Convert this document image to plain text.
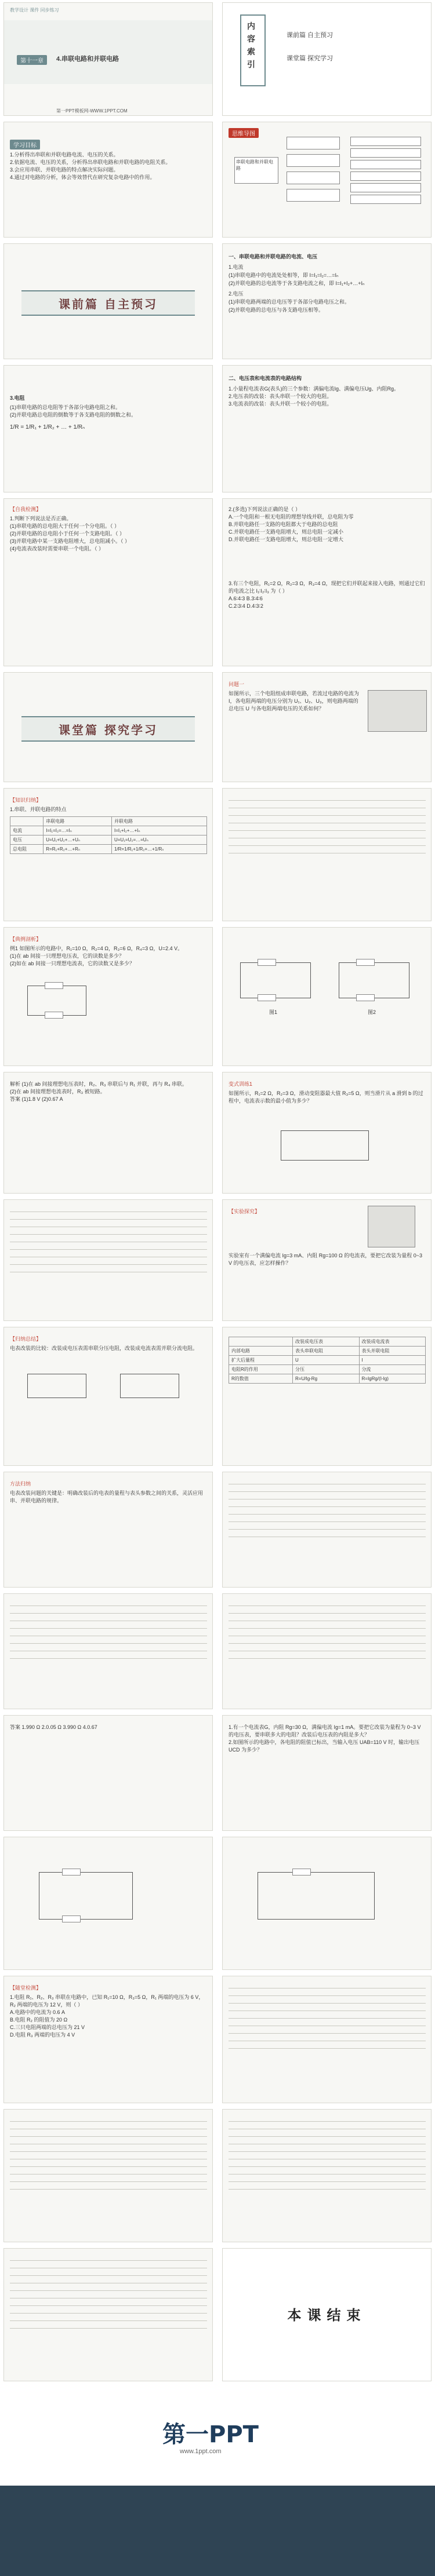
教学设计 课件 同步练习
第十一章	4.串联电路和并联电路
第一PPT模板网-WWW.1PPT.COM
内容索引
课前篇 自主预习
课堂篇 探究学习
学习目标
1.分析得出串联和并联电路电流、电压的关系。
2.依据电流、电压的关系，分析得出串联电路和并联电路的电阻关系。
3.会应用串联、并联电路的特点解决实际问题。
4.通过对电路的分析，体会等效替代在研究复杂电路中的作用。
思维导图
串联电路和并联电路
课前篇 自主预习
一、串联电路和并联电路的电流、电压
1.电流
(1)串联电路中的电流处处相等，即 I=I₁=I₂=…=Iₙ
(2)并联电路的总电流等于各支路电流之和，即 I=I₁+I₂+…+Iₙ
2.电压
(1)串联电路两端的总电压等于各部分电路电压之和。
(2)并联电路的总电压与各支路电压相等。
3.电阻
(1)串联电路的总电阻等于各部分电路电阻之和。
(2)并联电路总电阻的倒数等于各支路电阻的倒数之和。
1/R = 1/R₁ + 1/R₂ + … + 1/Rₙ
二、电压表和电流表的电路结构
1.小量程电流表G(表头)的三个参数：满偏电流Ig、满偏电压Ug、内阻Rg。
2.电压表的改装：表头串联一个较大的电阻。
3.电流表的改装：表头并联一个较小的电阻。
【自我检测】
1.判断下列说法是否正确。
(1)串联电路的总电阻大于任何一个分电阻。（ ）
(2)并联电路的总电阻小于任何一个支路电阻。（ ）
(3)并联电路中某一支路电阻增大，总电阻减小。（ ）
(4)电流表改装时需要串联一个电阻。（ ）
2.(多选)下列说法正确的是（ ）
A.一个电阻和一根无电阻的理想导线并联，总电阻为零
B.并联电路任一支路的电阻都大于电路的总电阻
C.并联电路任一支路电阻增大，则总电阻一定减小
D.并联电路任一支路电阻增大，则总电阻一定增大
3.有三个电阻，R₁=2 Ω，R₂=3 Ω，R₃=4 Ω，现把它们并联起来接入电路，则通过它们的电流之比 I₁∶I₂∶I₃ 为（ ）
A.6∶4∶3 B.3∶4∶6
C.2∶3∶4 D.4∶3∶2
课堂篇 探究学习
问题一
如图所示，三个电阻组成串联电路，若流过电路的电流为 I，各电阻两端的电压分别为 U₁、U₂、U₃，则电路两端的总电压 U 与各电阻两端电压的关系如何？
【知识归纳】
1.串联、并联电路的特点
	串联电路	并联电路
电流	I=I₁=I₂=…=Iₙ	I=I₁+I₂+…+Iₙ
电压	U=U₁+U₂+…+Uₙ	U=U₁=U₂=…=Uₙ
总电阻	R=R₁+R₂+…+Rₙ	1/R=1/R₁+1/R₂+…+1/Rₙ
【典例剖析】
例1 如图所示的电路中，R₁=10 Ω，R₂=4 Ω，R₃=6 Ω，R₄=3 Ω，U=2.4 V。
(1)在 ab 间接一只理想电压表，它的读数是多少？
(2)如在 ab 间接一只理想电流表，它的读数又是多少？
图1	图2
解析 (1)在 ab 间接理想电压表时，R₂、R₃ 串联后与 R₁ 并联，再与 R₄ 串联。
(2)在 ab 间接理想电流表时，R₃ 被短路。
答案 (1)1.8 V (2)0.67 A
变式训练1
如图所示，R₁=2 Ω，R₂=3 Ω，滑动变阻器最大值 R₃=5 Ω，则当滑片从 a 滑到 b 的过程中，电流表示数的最小值为多少？
【实验探究】
实验室有一个满偏电流 Ig=3 mA、内阻 Rg=100 Ω 的电流表，要把它改装为量程 0~3 V 的电压表，应怎样操作？
【归纳总结】
电表改装的比较：改装成电压表需串联分压电阻，改装成电流表需并联分流电阻。
	改装成电压表	改装成电流表
内部电路	表头串联电阻	表头并联电阻
扩大后量程	U	I
电阻R的作用	分压	分流
R的数值	R=U/Ig-Rg	R=IgRg/(I-Ig)
方法归纳
电表改装问题的关键是：明确改装后的电表的量程与表头参数之间的关系，灵活应用串、并联电路的规律。
答案 1.990 Ω 2.0.05 Ω 3.990 Ω 4.0.67	1.有一个电流表G，内阻 Rg=30 Ω，满偏电流 Ig=1 mA。要把它改装为量程为 0~3 V 的电压表，要串联多大的电阻？改装后电压表的内阻是多大？
2.如图所示的电路中，各电阻的阻值已标出，当输入电压 UAB=110 V 时，输出电压 UCD 为多少？
【随堂检测】
1.电阻 R₁、R₂、R₃ 串联在电路中，已知 R₁=10 Ω，R₃=5 Ω，R₁ 两端的电压为 6 V，R₂ 两端的电压为 12 V，则（ ）
A.电路中的电流为 0.6 A
B.电阻 R₂ 的阻值为 20 Ω
C.三只电阻两端的总电压为 21 V
D.电阻 R₃ 两端的电压为 4 V
本课结束
第一PPT
www.1ppt.com
